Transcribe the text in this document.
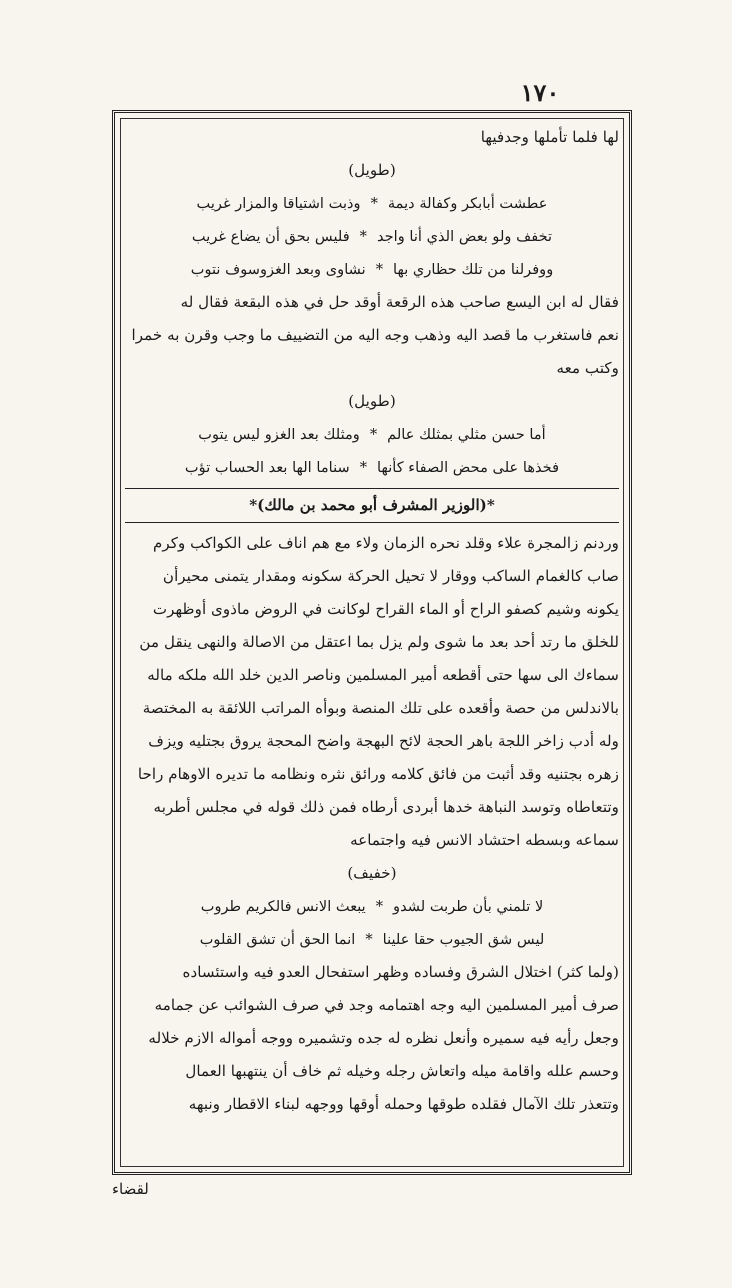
١٧٠
لها فلما تأملها وجدفيها
(طويل)
عطشت أبابكر وكفالة ديمة
*
وذبت اشتياقا والمزار غريب
تخفف ولو بعض الذي أنا واجد
*
فليس بحق أن يضاع غريب
ووفرلنا من تلك حظاري بها
*
نشاوى وبعد الغزوسوف نتوب
فقال له ابن اليسع صاحب هذه الرقعة أوقد حل في هذه البقعة فقال له
نعم فاستغرب ما قصد اليه وذهب وجه اليه من التضييف ما وجب وقرن به خمرا
وكتب معه
(طويل)
أما حسن مثلي بمثلك عالم
*
ومثلك بعد الغزو ليس يتوب
فخذها على محض الصفاء كأنها
*
سناما الها بعد الحساب تؤب
*(الوزير المشرف أبو محمد بن مالك)*
وردنم زالمجرة علاء وقلد نحره الزمان ولاء مع هم اناف على الكواكب وكرم
صاب كالغمام الساكب ووقار لا تحيل الحركة سكونه ومقدار يتمنى محيرأن
يكونه وشيم كصفو الراح أو الماء القراح لوكانت في الروض ماذوى أوظهرت
للخلق ما رتد أحد بعد ما شوى ولم يزل بما اعتقل من الاصالة والنهى ينقل من
سماءك الى سها حتى أقطعه أمير المسلمين وناصر الدين خلد الله ملكه ماله
بالاندلس من حصة وأقعده على تلك المنصة وبوأه المراتب اللائقة به المختصة
وله أدب زاخر اللجة باهر الحجة لائح البهجة واضح المحجة يروق بجتليه ويزف
زهره بجتنيه وقد أثبت من فائق كلامه ورائق نثره ونظامه ما تديره الاوهام راحا
وتتعاطاه وتوسد النباهة خدها أبردى أرطاه فمن ذلك قوله في مجلس أطربه
سماعه وبسطه احتشاد الانس فيه واجتماعه
(خفيف)
لا تلمني بأن طربت لشدو
*
يبعث الانس فالكريم طروب
ليس شق الجيوب حقا علينا
*
انما الحق أن تشق القلوب
(ولما كثر) اختلال الشرق وفساده وظهر استفحال العدو فيه واستئساده
صرف أمير المسلمين اليه وجه اهتمامه وجد في صرف الشوائب عن جمامه
وجعل رأيه فيه سميره وأنعل نظره له جده وتشميره ووجه أمواله الازم خلاله
وحسم علله واقامة ميله واتعاش رجله وخيله ثم خاف أن ينتهبها العمال
وتتعذر تلك الآمال فقلده طوقها وحمله أوقها ووجهه لبناء الاقطار ونبهه
لقضاء
